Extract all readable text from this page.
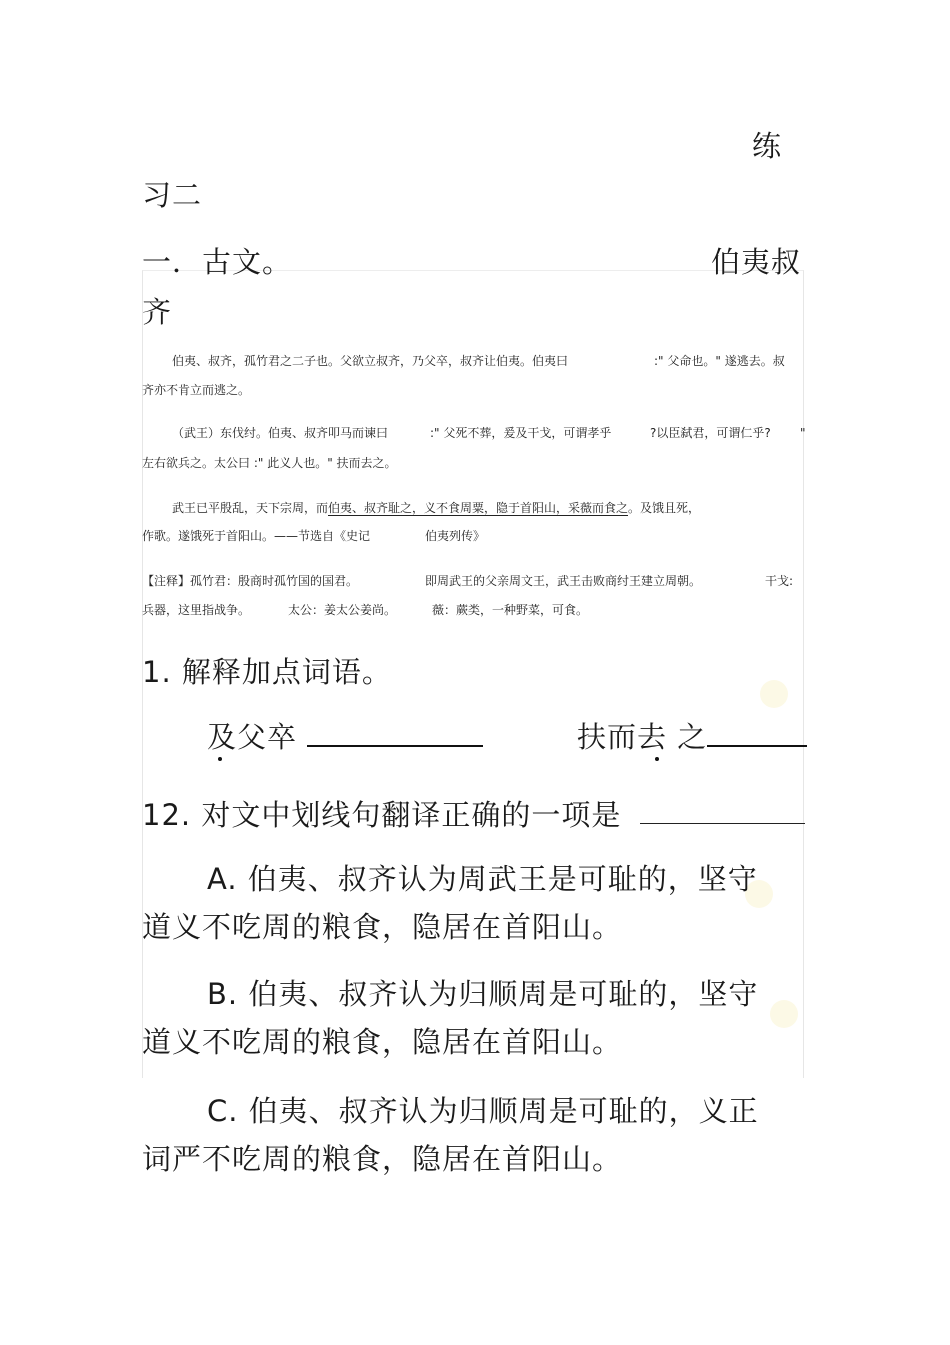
练
习二
一．古文。	伯夷叔
齐
伯夷、叔齐，孤竹君之二子也。父欲立叔齐，乃父卒，叔齐让伯夷。伯夷曰	:" 父命也。" 遂逃去。叔
齐亦不肯立而逃之。
（武王）东伐纣。伯夷、叔齐叩马而谏曰	:" 父死不葬，爰及干戈，可谓孝乎	?以臣弑君，可谓仁乎? "
左右欲兵之。太公曰 :" 此义人也。" 扶而去之。
武王已平殷乱，天下宗周，而伯夷、叔齐耻之，义不食周粟，隐于首阳山，采薇而食之。及饿且死，
作歌。遂饿死于首阳山。——节选自《史记	伯夷列传》
【注释】孤竹君：殷商时孤竹国的国君。	即周武王的父亲周文王，武王击败商纣王建立周朝。	干戈:
兵器，这里指战争。	太公：姜太公姜尚。	薇：蕨类，一种野菜，可食。
1. 解释加点词语。
及父卒	扶而去 之
12. 对文中划线句翻译正确的一项是
A. 伯夷、叔齐认为周武王是可耻的，坚守
道义不吃周的粮食，隐居在首阳山。
B. 伯夷、叔齐认为归顺周是可耻的，坚守
道义不吃周的粮食，隐居在首阳山。
C. 伯夷、叔齐认为归顺周是可耻的，义正
词严不吃周的粮食，隐居在首阳山。
